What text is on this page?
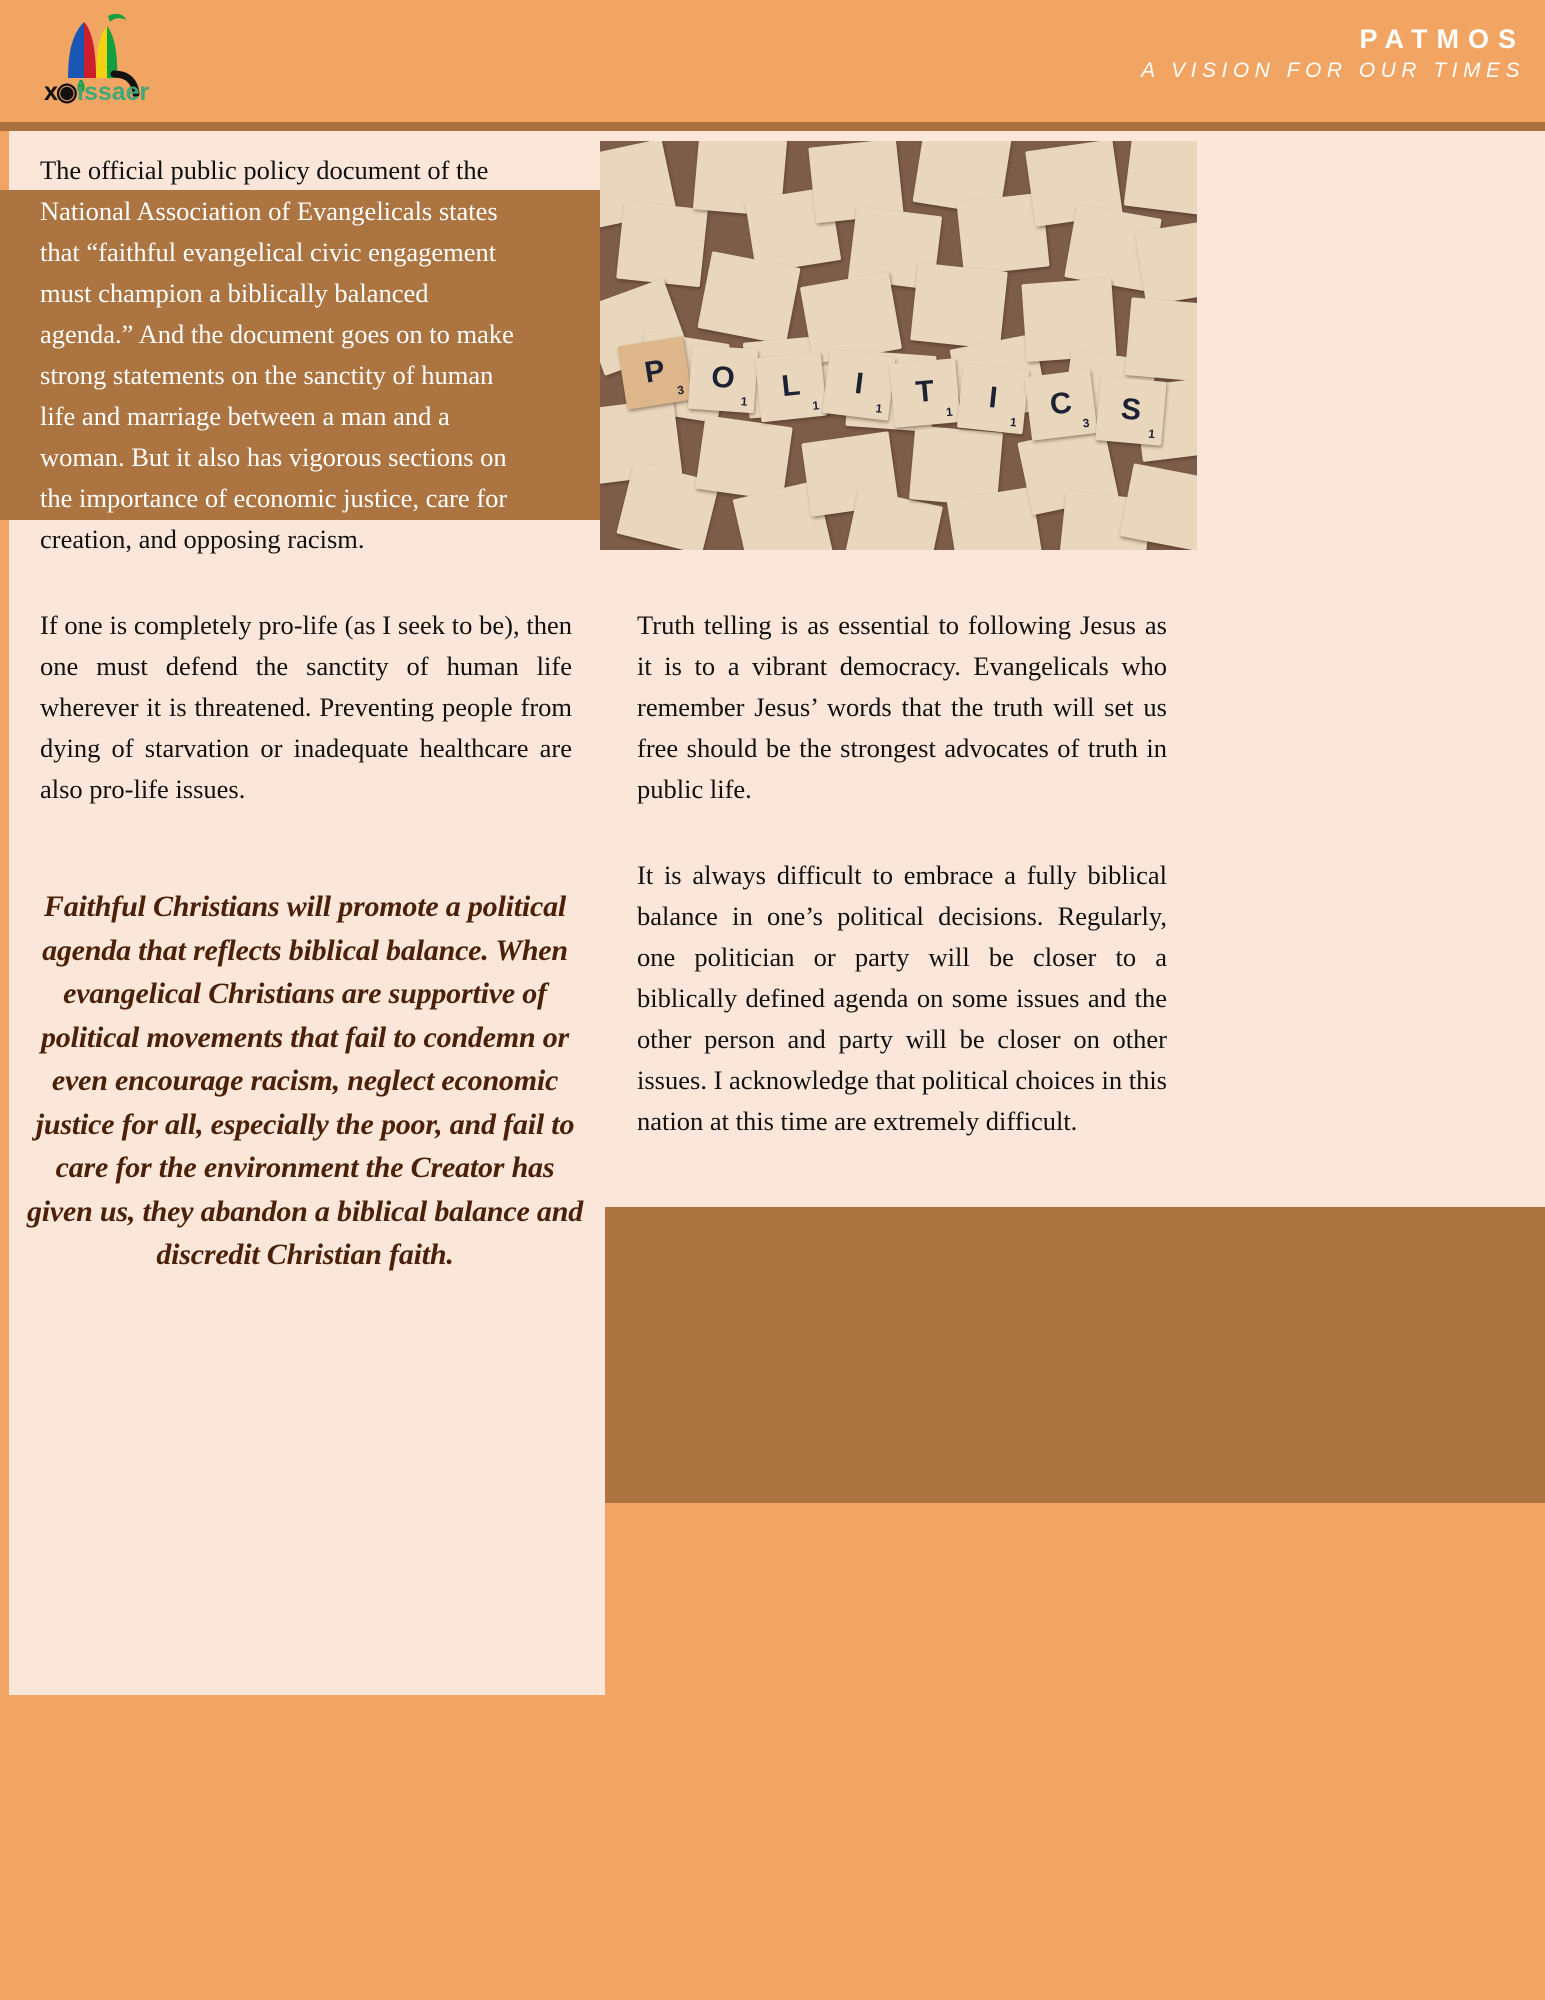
x
◉ issaer
PATMOS
A VISION FOR OUR TIMES
The official public policy document of the
National Association of Evangelicals states
that “faithful evangelical civic engagement
must champion a biblically balanced
agenda.” And the document goes on to make
strong statements on the sanctity of human
life and marriage between a man and a
woman. But it also has vigorous sections on
the importance of economic justice, care for
creation, and opposing racism.
P
3 O
1	L
1
I
1	T
1	I
1
C
3 S
1
If one is completely pro-life (as I seek to be), then one must defend the sanctity of human life wherever it is threatened. Preventing people from dying of starvation or inadequate healthcare are also pro-life issues.
Faithful Christians will promote a political agenda that reflects biblical balance. When evangelical Christians are supportive of political movements that fail to condemn or even encourage racism, neglect economic justice for all, especially the poor, and fail to care for the environment the Creator has given us, they abandon a biblical balance and discredit Christian faith.
Truth telling is as essential to following Jesus as it is to a vibrant democracy. Evangelicals who remember Jesus’ words that the truth will set us free should be the strongest advocates of truth in public life.
It is always difficult to embrace a fully biblical balance in one’s political decisions. Regularly, one politician or party will be closer to a biblically defined agenda on some issues and the other person and party will be closer on other issues. I acknowledge that political choices in this nation at this time are extremely difficult.
